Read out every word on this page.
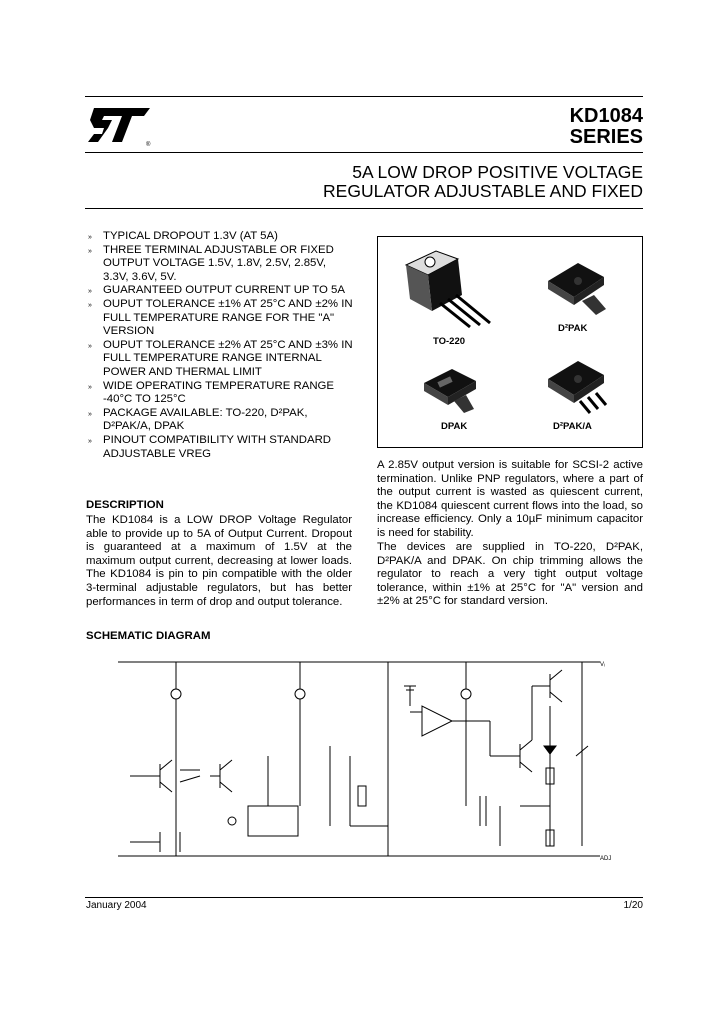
®
KD1084
SERIES
5A LOW DROP POSITIVE VOLTAGE
REGULATOR ADJUSTABLE AND FIXED
» TYPICAL DROPOUT 1.3V (AT 5A)
» THREE TERMINAL ADJUSTABLE OR FIXED OUTPUT VOLTAGE 1.5V, 1.8V, 2.5V, 2.85V, 3.3V, 3.6V, 5V.
» GUARANTEED OUTPUT CURRENT UP TO 5A
» OUPUT TOLERANCE ±1% AT 25°C AND ±2% IN FULL TEMPERATURE RANGE FOR THE "A" VERSION
» OUPUT TOLERANCE ±2% AT 25°C AND ±3% IN FULL TEMPERATURE RANGE INTERNAL POWER AND THERMAL LIMIT
» WIDE OPERATING TEMPERATURE RANGE -40°C TO 125°C
» PACKAGE AVAILABLE: TO-220, D²PAK, D²PAK/A, DPAK
» PINOUT COMPATIBILITY WITH STANDARD ADJUSTABLE VREG
TO-220
D²PAK
DPAK	D²PAK/A
DESCRIPTION
The KD1084 is a LOW DROP Voltage Regulator able to provide up to 5A of Output Current. Dropout is guaranteed at a maximum of 1.5V at the maximum output current, decreasing at lower loads. The KD1084 is pin to pin compatible with the older 3-terminal adjustable regulators, but has better performances in term of drop and output tolerance.
A 2.85V output version is suitable for SCSI-2 active termination. Unlike PNP regulators, where a part of the output current is wasted as quiescent current, the KD1084 quiescent current flows into the load, so increase efficiency. Only a 10µF minimum capacitor is need for stability.
The devices are supplied in TO-220, D²PAK, D²PAK/A and DPAK. On chip trimming allows the regulator to reach a very tight output voltage tolerance, within ±1% at 25°C for "A" version and ±2% at 25°C for standard version.
SCHEMATIC DIAGRAM
Vᵢ
ADJ
January 2004	1/20
